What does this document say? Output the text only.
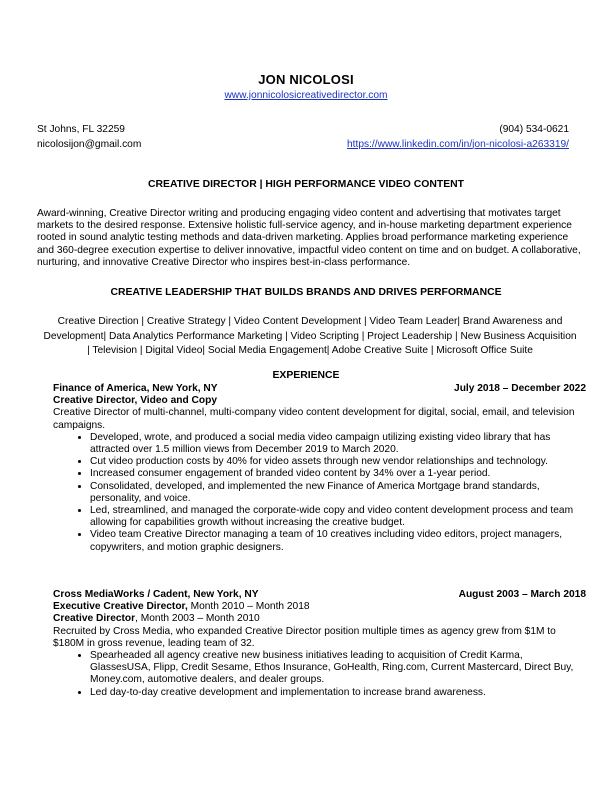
JON NICOLOSI
www.jonnicolosicreativedirector.com
St Johns, FL 32259
nicolosijon@gmail.com
(904) 534-0621
https://www.linkedin.com/in/jon-nicolosi-a263319/
CREATIVE DIRECTOR | HIGH PERFORMANCE VIDEO CONTENT
Award-winning, Creative Director writing and producing engaging video content and advertising that motivates target markets to the desired response. Extensive holistic full-service agency, and in-house marketing department experience rooted in sound analytic testing methods and data-driven marketing. Applies broad performance marketing experience and 360-degree execution expertise to deliver innovative, impactful video content on time and on budget. A collaborative, nurturing, and innovative Creative Director who inspires best-in-class performance.
CREATIVE LEADERSHIP THAT BUILDS BRANDS AND DRIVES PERFORMANCE
Creative Direction | Creative Strategy | Video Content Development | Video Team Leader| Brand Awareness and
Development| Data Analytics Performance Marketing | Video Scripting | Project Leadership | New Business Acquisition
| Television | Digital Video| Social Media Engagement| Adobe Creative Suite | Microsoft Office Suite
EXPERIENCE
Finance of America, New York, NY	July 2018 – December 2022
Creative Director, Video and Copy
Creative Director of multi-channel, multi-company video content development for digital, social, email, and television campaigns.
• Developed, wrote, and produced a social media video campaign utilizing existing video library that has attracted over 1.5 million views from December 2019 to March 2020.
• Cut video production costs by 40% for video assets through new vendor relationships and technology.
• Increased consumer engagement of branded video content by 34% over a 1-year period.
• Consolidated, developed, and implemented the new Finance of America Mortgage brand standards, personality, and voice.
• Led, streamlined, and managed the corporate-wide copy and video content development process and team allowing for capabilities growth without increasing the creative budget.
• Video team Creative Director managing a team of 10 creatives including video editors, project managers, copywriters, and motion graphic designers.
Cross MediaWorks / Cadent, New York, NY	August 2003 – March 2018
Executive Creative Director, Month 2010 – Month 2018
Creative Director, Month 2003 – Month 2010
Recruited by Cross Media, who expanded Creative Director position multiple times as agency grew from $1M to $180M in gross revenue, leading team of 32.
• Spearheaded all agency creative new business initiatives leading to acquisition of Credit Karma, GlassesUSA, Flipp, Credit Sesame, Ethos Insurance, GoHealth, Ring.com, Current Mastercard, Direct Buy, Money.com, automotive dealers, and dealer groups.
• Led day-to-day creative development and implementation to increase brand awareness.
